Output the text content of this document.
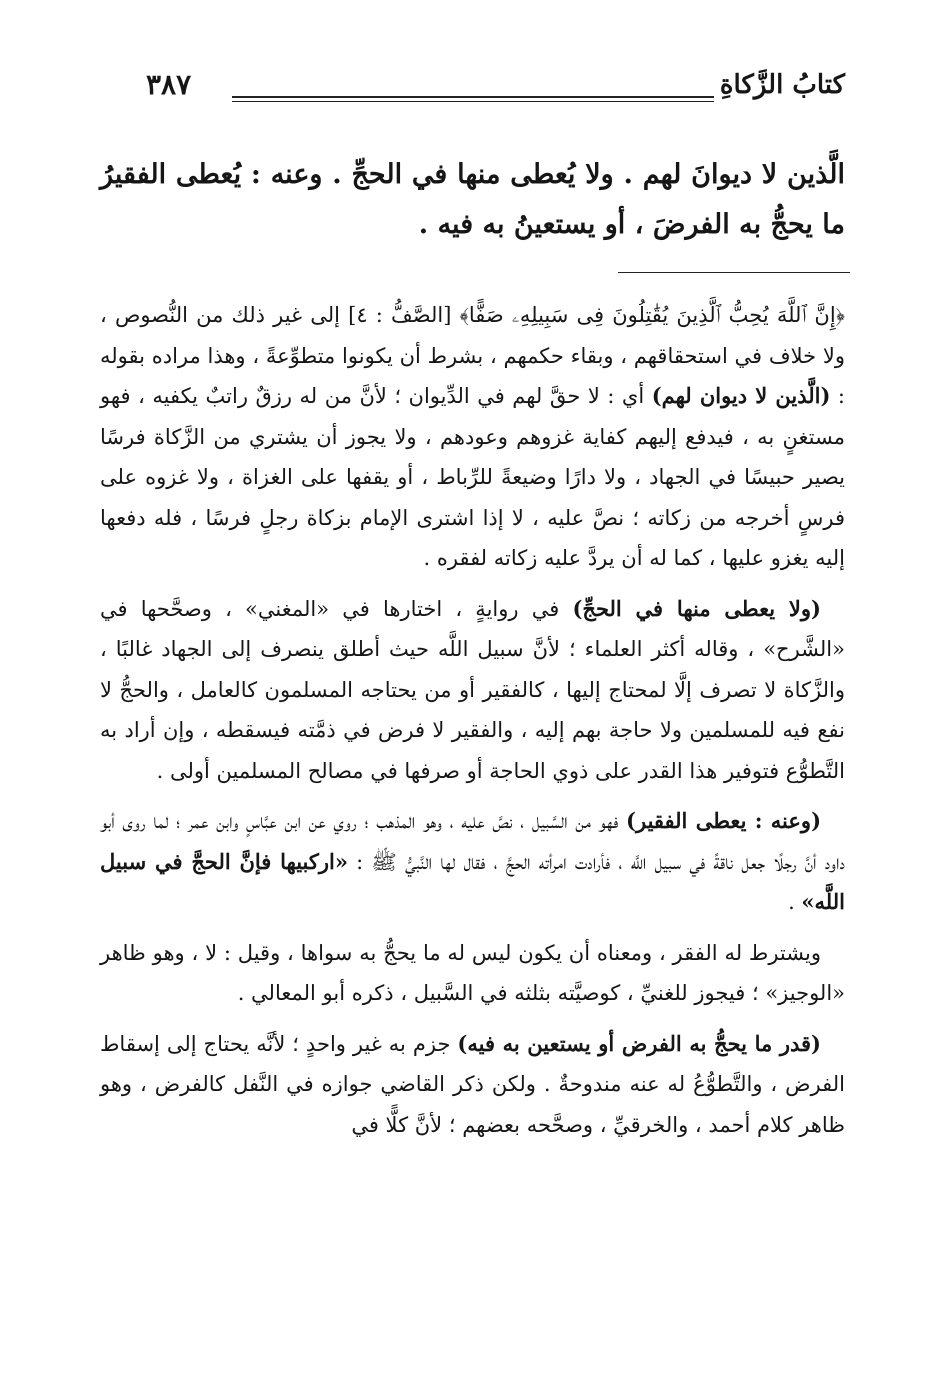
كتابُ الزَّكاةِ
٣٨٧

الَّذين لا ديوانَ لهم . ولا يُعطى منها في الحجِّ . وعنه : يُعطى الفقيرُ ما يحجُّ به الفرضَ ، أو يستعينُ به فيه .

﴿إِنَّ ٱللَّهَ يُحِبُّ ٱلَّذِينَ يُقَٰتِلُونَ فِى سَبِيلِهِۦ صَفًّا﴾ [الصَّفُّ : ٤] إلى غير ذلك من النُّصوص ، ولا خلاف في استحقاقهم ، وبقاء حكمهم ، بشرط أن يكونوا متطوِّعةً ، وهذا مراده بقوله : (الَّذين لا ديوان لهم) أي : لا حقَّ لهم في الدِّيوان ؛ لأنَّ من له رزقٌ راتبٌ يكفيه ، فهو مستغنٍ به ، فيدفع إليهم كفاية غزوهم وعودهم ، ولا يجوز أن يشتري من الزَّكاة فرسًا يصير حبيسًا في الجهاد ، ولا دارًا وضيعةً للرِّباط ، أو يقفها على الغزاة ، ولا غزوه على فرسٍ أخرجه من زكاته ؛ نصَّ عليه ، لا إذا اشترى الإمام بزكاة رجلٍ فرسًا ، فله دفعها إليه يغزو عليها ، كما له أن يردَّ عليه زكاته لفقره .

(ولا يعطى منها في الحجِّ) في روايةٍ ، اختارها في «المغني» ، وصحَّحها في «الشَّرح» ، وقاله أكثر العلماء ؛ لأنَّ سبيل اللَّه حيث أطلق ينصرف إلى الجهاد غالبًا ، والزَّكاة لا تصرف إلَّا لمحتاج إليها ، كالفقير أو من يحتاجه المسلمون كالعامل ، والحجُّ لا نفع فيه للمسلمين ولا حاجة بهم إليه ، والفقير لا فرض في ذمَّته فيسقطه ، وإن أراد به التَّطوُّع فتوفير هذا القدر على ذوي الحاجة أو صرفها في مصالح المسلمين أولى .

(وعنه : يعطى الفقير) فهو من السَّبيل ، نصَّ عليه ، وهو المذهب ؛ روي عن ابن عبَّاسٍ وابن عمر ؛ لما روى أبو داود أنَّ رجلًا جعل ناقةً في سبيل اللَّه ، فأرادت امرأته الحجَّ ، فقال لها النَّبيُّ ﷺ : «اركبيها فإنَّ الحجَّ في سبيل اللَّه» .

ويشترط له الفقر ، ومعناه أن يكون ليس له ما يحجُّ به سواها ، وقيل : لا ، وهو ظاهر «الوجيز» ؛ فيجوز للغنيِّ ، كوصيَّته بثلثه في السَّبيل ، ذكره أبو المعالي .

(قدر ما يحجُّ به الفرض أو يستعين به فيه) جزم به غير واحدٍ ؛ لأنَّه يحتاج إلى إسقاط الفرض ، والتَّطوُّعُ له عنه مندوحةٌ . ولكن ذكر القاضي جوازه في النَّفل كالفرض ، وهو ظاهر كلام أحمد ، والخرقيِّ ، وصحَّحه بعضهم ؛ لأنَّ كلًّا في
